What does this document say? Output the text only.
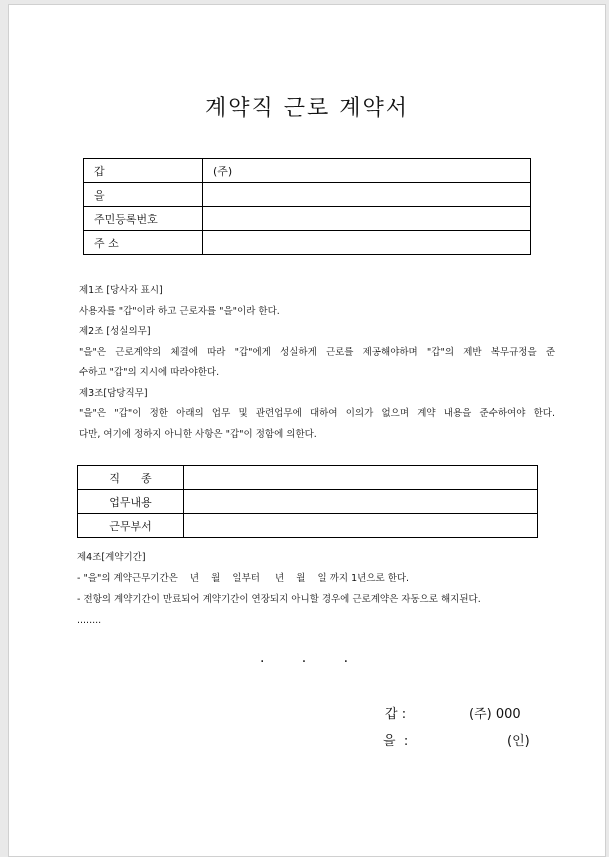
계약직 근로 계약서
갑	(주)
을	
주민등록번호	
주 소	

제1조 [당사자 표시]

사용자를 "갑"이라 하고 근로자를 "을"이라 한다.

제2조 [성실의무]

"을"은 근로계약의 체결에 따라 "갑"에게 성실하게 근로를 제공해야하며 "갑"의 제반 복무규정을 준

수하고 "갑"의 지시에 따라야한다.

제3조[담당직무]

"을"은 "갑"이 정한 아래의 업무 및 관련업무에 대하여 이의가 없으며 계약 내용을 준수하여야 한다.

다만, 여기에 정하지 아니한 사항은 "갑"이 정함에 의한다.

직      종	
업무내용	
근무부서	

제4조[계약기간]

- "을"의 계약근무기간은    년    월    일부터     년    월    일 까지 1년으로 한다.

- 전항의 계약기간이 만료되어 계약기간이 연장되지 아니할 경우에 근로계약은 자동으로 해지된다.

........

.   .   .
갑 :	(주) 000
을  :	(인)
